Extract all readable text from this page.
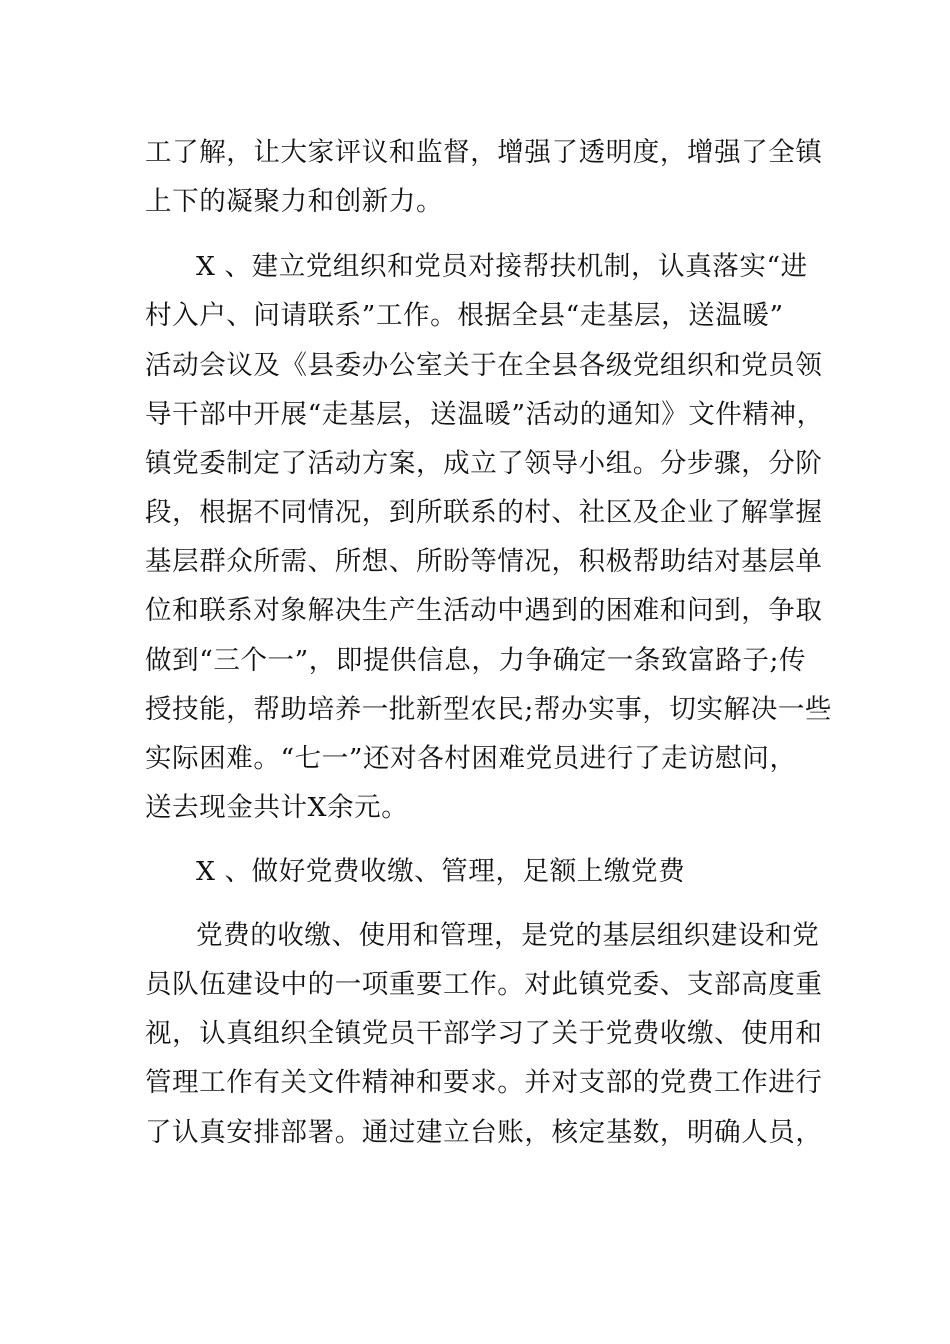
工了解，让大家评议和监督，增强了透明度，增强了全镇
上下的凝聚力和创新力。
X 、建立党组织和党员对接帮扶机制，认真落实“进
村入户、问请联系”工作。根据全县“走基层，送温暖”
活动会议及《县委办公室关于在全县各级党组织和党员领
导干部中开展“走基层，送温暖”活动的通知》文件精神，
镇党委制定了活动方案，成立了领导小组。分步骤，分阶
段，根据不同情况，到所联系的村、社区及企业了解掌握
基层群众所需、所想、所盼等情况，积极帮助结对基层单
位和联系对象解决生产生活动中遇到的困难和问到，争取
做到“三个一”，即提供信息，力争确定一条致富路子;传
授技能，帮助培养一批新型农民;帮办实事，切实解决一些
实际困难。“七一”还对各村困难党员进行了走访慰问，
送去现金共计X余元。
X 、做好党费收缴、管理，足额上缴党费
党费的收缴、使用和管理，是党的基层组织建设和党
员队伍建设中的一项重要工作。对此镇党委、支部高度重
视，认真组织全镇党员干部学习了关于党费收缴、使用和
管理工作有关文件精神和要求。并对支部的党费工作进行
了认真安排部署。通过建立台账，核定基数，明确人员，
